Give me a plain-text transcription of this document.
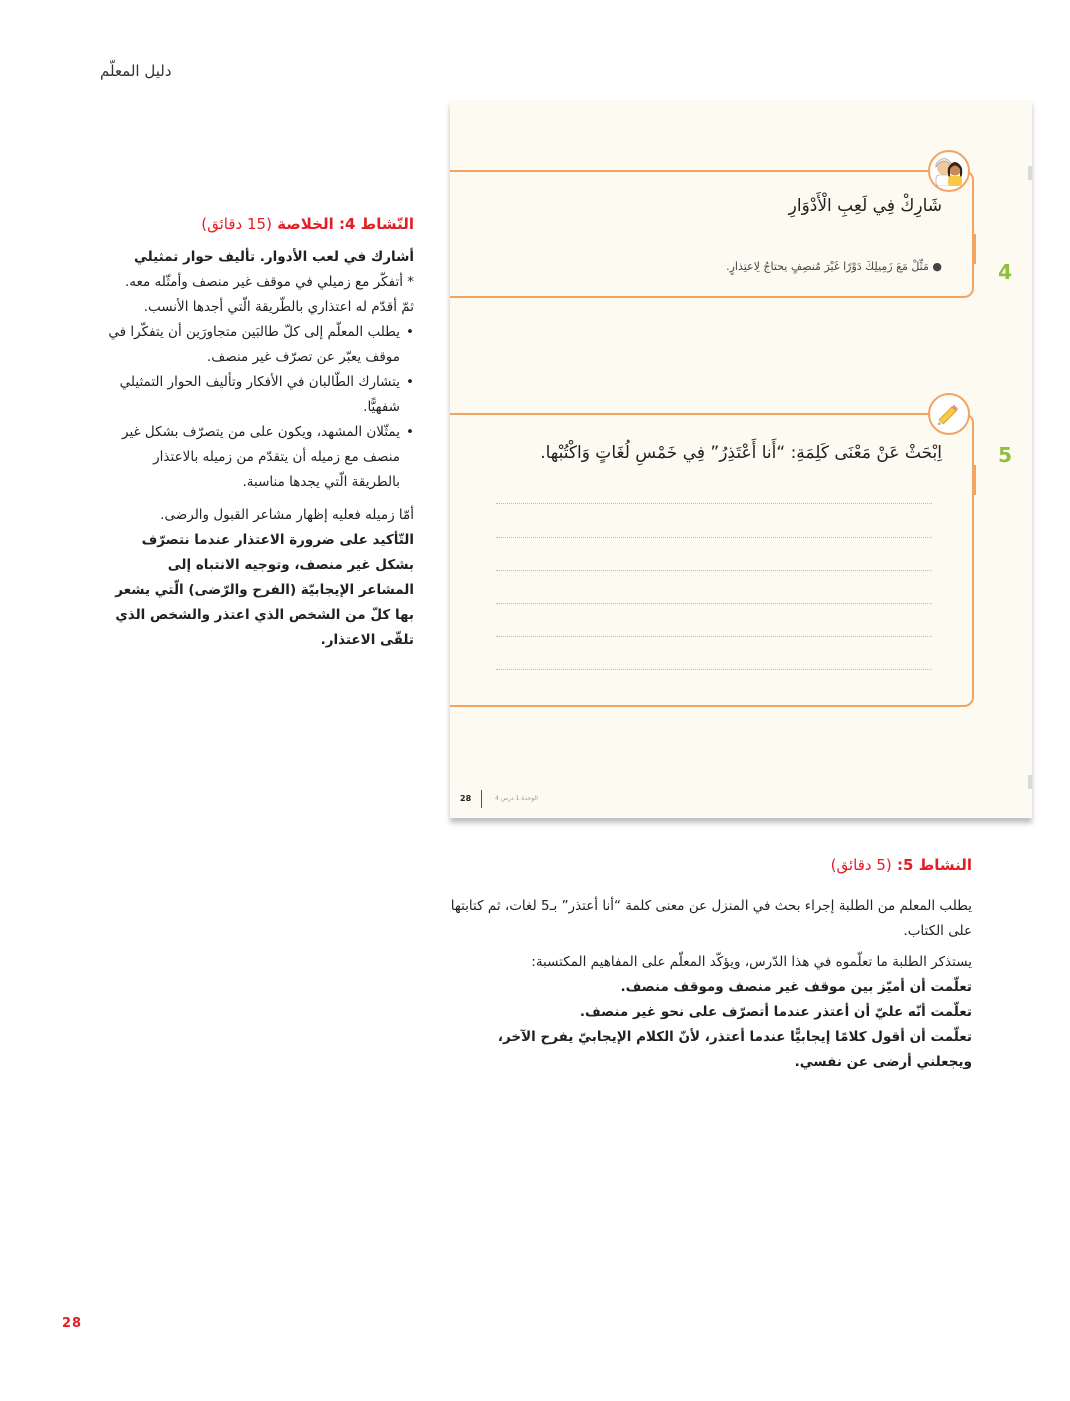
دليل المعلّم
4
شَارِكْ فِي لَعِبِ الْأَدْوَارِ
● مَثِّلْ مَعَ زَمِيلِكَ دَوْرًا غَيْرَ مُنصِفٍ يحتاجُ لِاعتِذارٍ.
5
اِبْحَثْ عَنْ مَعْنَى كَلِمَةِ: “أَنا أَعْتَذِرُ” فِي خَمْسِ لُغَاتٍ وَاكْتُبْها.
28	الوحدة 1 درس 4
النّشاط 4: الخلاصة (15 دقائق)
أشارك في لعب الأدوار. تأليف حوار تمثيلي
* أتفكّر مع زميلي في موقف غير منصف وأمثّله معه. ثمّ أقدّم له اعتذاري بالطّريقة الّتي أجدها الأنسب.
• يطلب المعلّم إلى كلّ طالبَين متجاورَين أن يتفكّرا في موقف يعبّر عن تصرّف غير منصف.
• يتشارك الطّالبان في الأفكار وتأليف الحوار التمثيلي شفهيًّا.
• يمثّلان المشهد، ويكون على من يتصرّف بشكل غير منصف مع زميله أن يتقدّم من زميله بالاعتذار بالطريقة الّتي يجدها مناسبة.
أمّا زميله فعليه إظهار مشاعر القبول والرضى.
التّأكيد على ضرورة الاعتذار عندما نتصرّف بشكل غير منصف، وتوجيه الانتباه إلى المشاعر الإيجابيّة (الفرح والرّضى) الّتي يشعر بها كلّ من الشخص الذي اعتذر والشخص الذي تلقّى الاعتذار.
النشاط 5: (5 دقائق)
يطلب المعلم من الطلبة إجراء بحث في المنزل عن معنى كلمة “أنا أعتذر” بـ5 لغات، ثم كتابتها على الكتاب.
يستذكر الطلبة ما تعلّموه في هذا الدّرس، ويؤكّد المعلّم على المفاهيم المكتسبة:
تعلّمت أن أميّز بين موقف غير منصف وموقف منصف.
تعلّمت أنّه عليّ أن أعتذر عندما أتصرّف على نحو غير منصف.
تعلّمت أن أقول كلامًا إيجابيًّا عندما أعتذر، لأنّ الكلام الإيجابيّ يفرح الآخر، ويجعلني أرضى عن نفسي.
28
